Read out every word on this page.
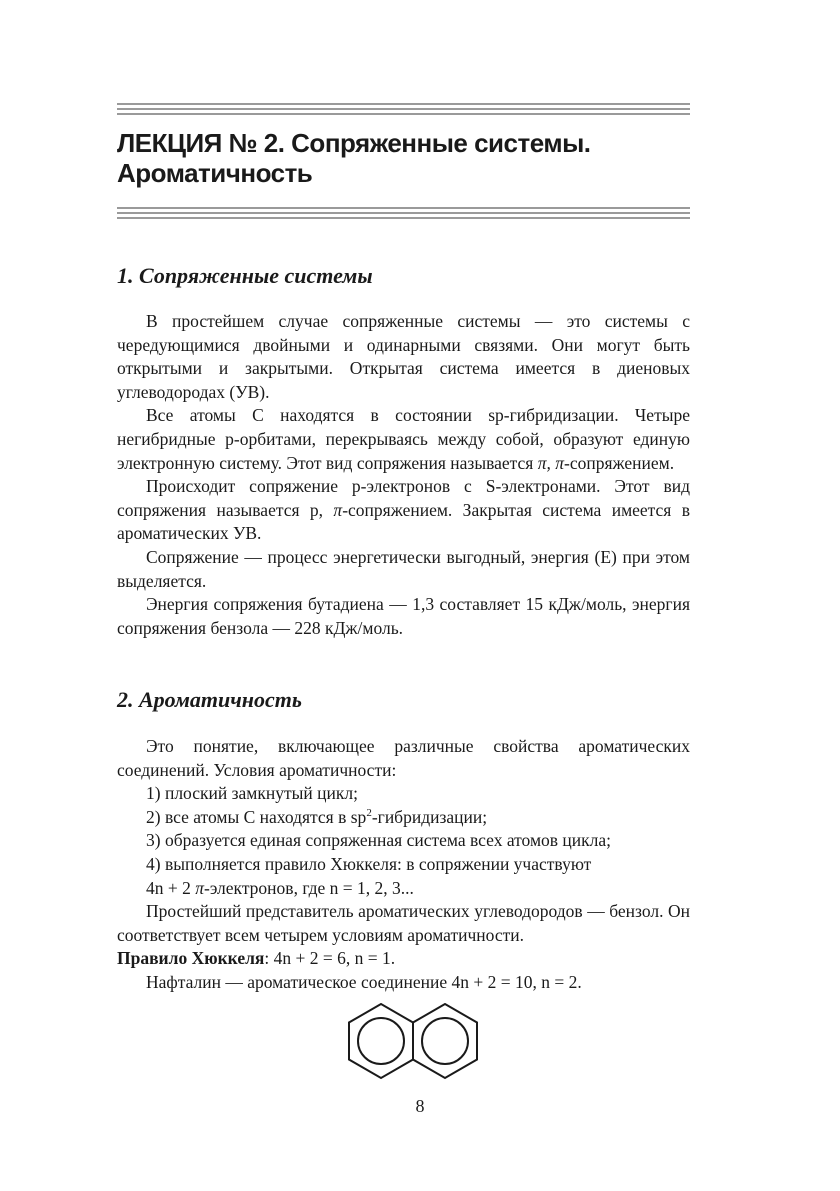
ЛЕКЦИЯ № 2. Сопряженные системы.
Ароматичность
1. Сопряженные системы

В простейшем случае сопряженные системы — это системы с чередующимися двойными и одинарными связями. Они могут быть открытыми и закрытыми. Открытая система имеется в диеновых углеводородах (УВ).

Все атомы С находятся в состоянии sp-гибридизации. Четыре негибридные р-орбитами, перекрываясь между собой, образуют единую электронную систему. Этот вид сопряжения называется π, π-сопряжением.

Происходит сопряжение р-электронов с S-электронами. Этот вид сопряжения называется р, π-сопряжением. Закрытая система имеется в ароматических УВ.

Сопряжение — процесс энергетически выгодный, энергия (Е) при этом выделяется.

Энергия сопряжения бутадиена — 1,3 составляет 15 кДж/моль, энергия сопряжения бензола — 228 кДж/моль.

2. Ароматичность

Это понятие, включающее различные свойства ароматических соединений. Условия ароматичности:

1) плоский замкнутый цикл;

2) все атомы С находятся в $sp^2$-гибридизации;

3) образуется единая сопряженная система всех атомов цикла;

4) выполняется правило Хюккеля: в сопряжении участвуют

4n + 2 π-электронов, где n = 1, 2, 3...

Простейший представитель ароматических углеводородов — бензол. Он соответствует всем четырем условиям ароматичности.

Правило Хюккеля: 4n + 2 = 6, n = 1.

Нафталин — ароматическое соединение 4n + 2 = 10, n = 2.

8
